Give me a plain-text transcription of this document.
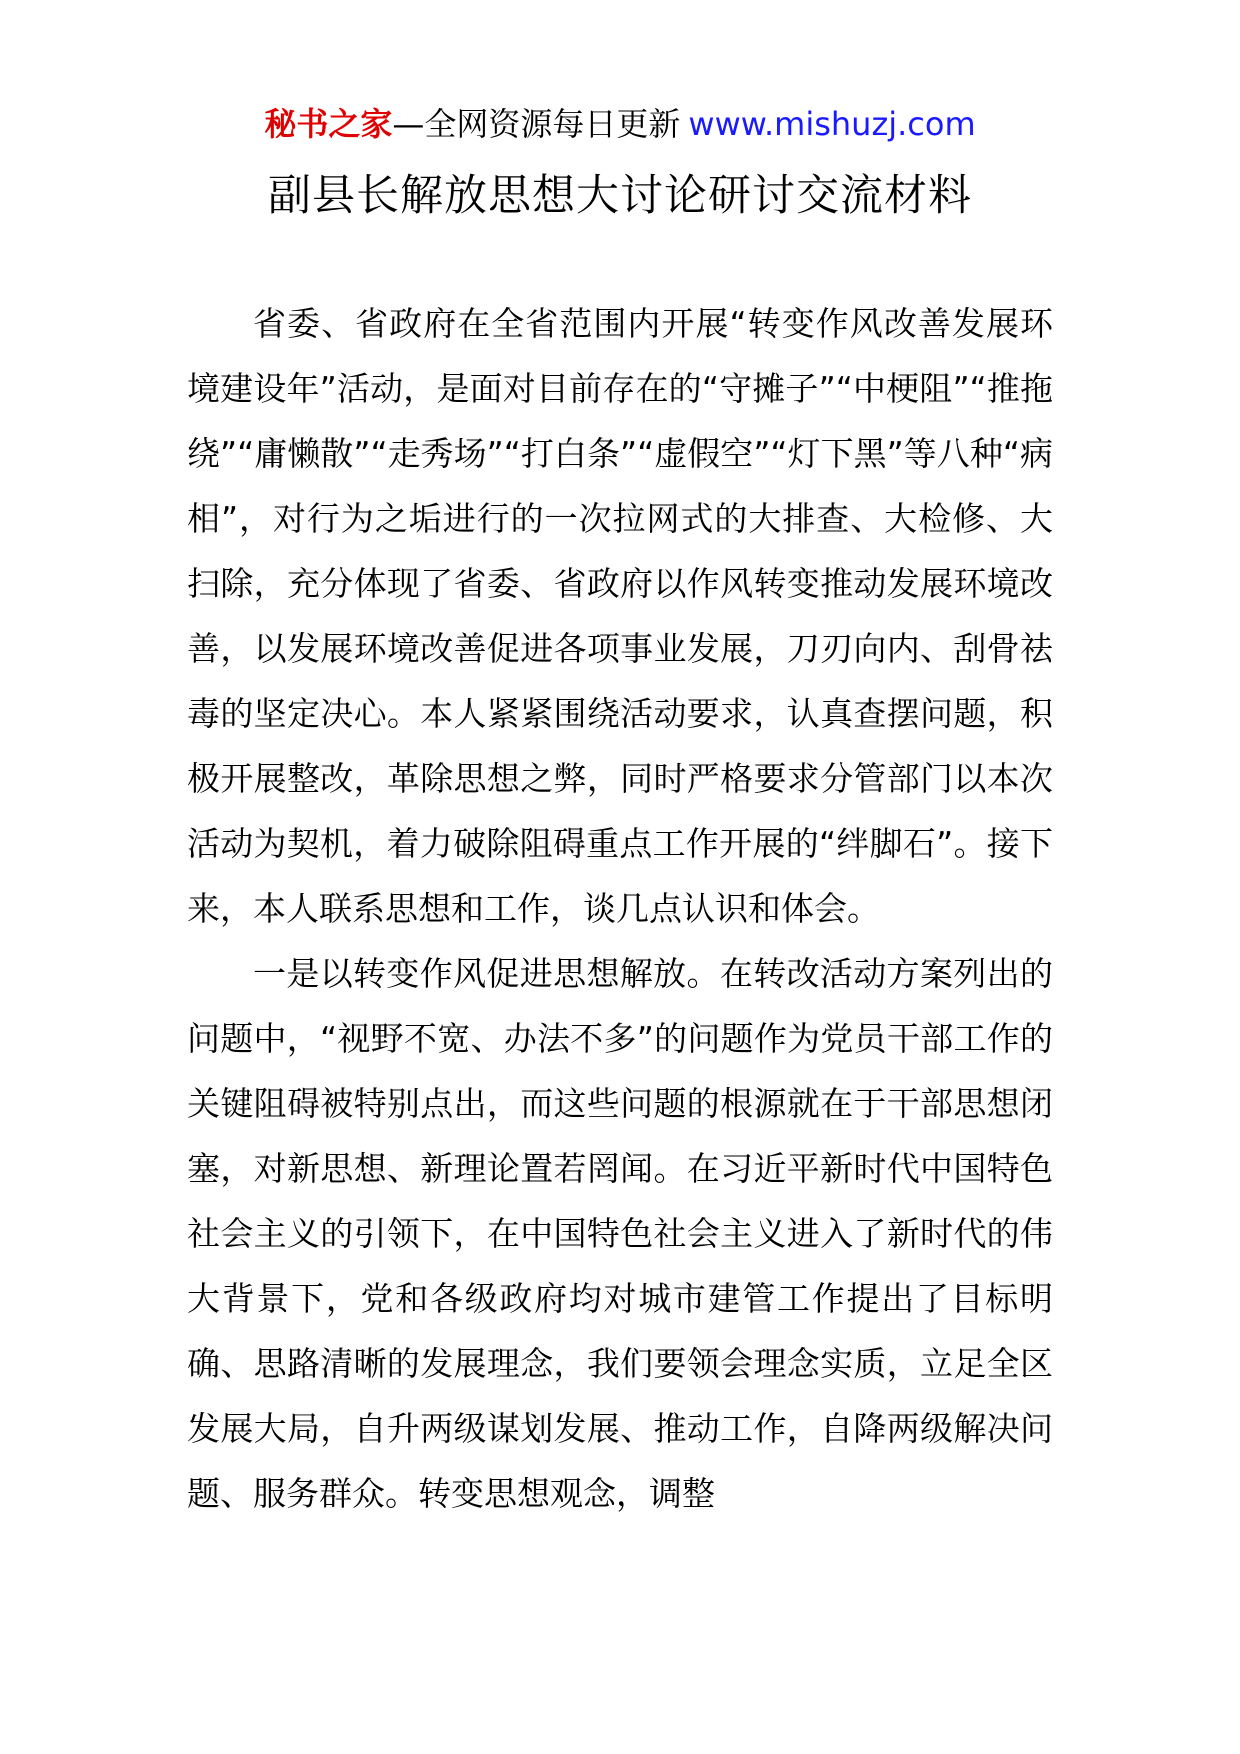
秘书之家—全网资源每日更新 www.mishuzj.com
副县长解放思想大讨论研讨交流材料

省委、省政府在全省范围内开展“转变作风改善发展环境建设年”活动，是面对目前存在的“守摊子”“中梗阻”“推拖绕”“庸懒散”“走秀场”“打白条”“虚假空”“灯下黑”等八种“病相”，对行为之垢进行的一次拉网式的大排查、大检修、大扫除，充分体现了省委、省政府以作风转变推动发展环境改善，以发展环境改善促进各项事业发展，刀刃向内、刮骨祛毒的坚定决心。本人紧紧围绕活动要求，认真查摆问题，积极开展整改，革除思想之弊，同时严格要求分管部门以本次活动为契机，着力破除阻碍重点工作开展的“绊脚石”。接下来，本人联系思想和工作，谈几点认识和体会。

一是以转变作风促进思想解放。在转改活动方案列出的问题中，“视野不宽、办法不多”的问题作为党员干部工作的关键阻碍被特别点出，而这些问题的根源就在于干部思想闭塞，对新思想、新理论置若罔闻。在习近平新时代中国特色社会主义的引领下，在中国特色社会主义进入了新时代的伟大背景下，党和各级政府均对城市建管工作提出了目标明确、思路清晰的发展理念，我们要领会理念实质，立足全区发展大局，自升两级谋划发展、推动工作，自降两级解决问题、服务群众。转变思想观念，调整
